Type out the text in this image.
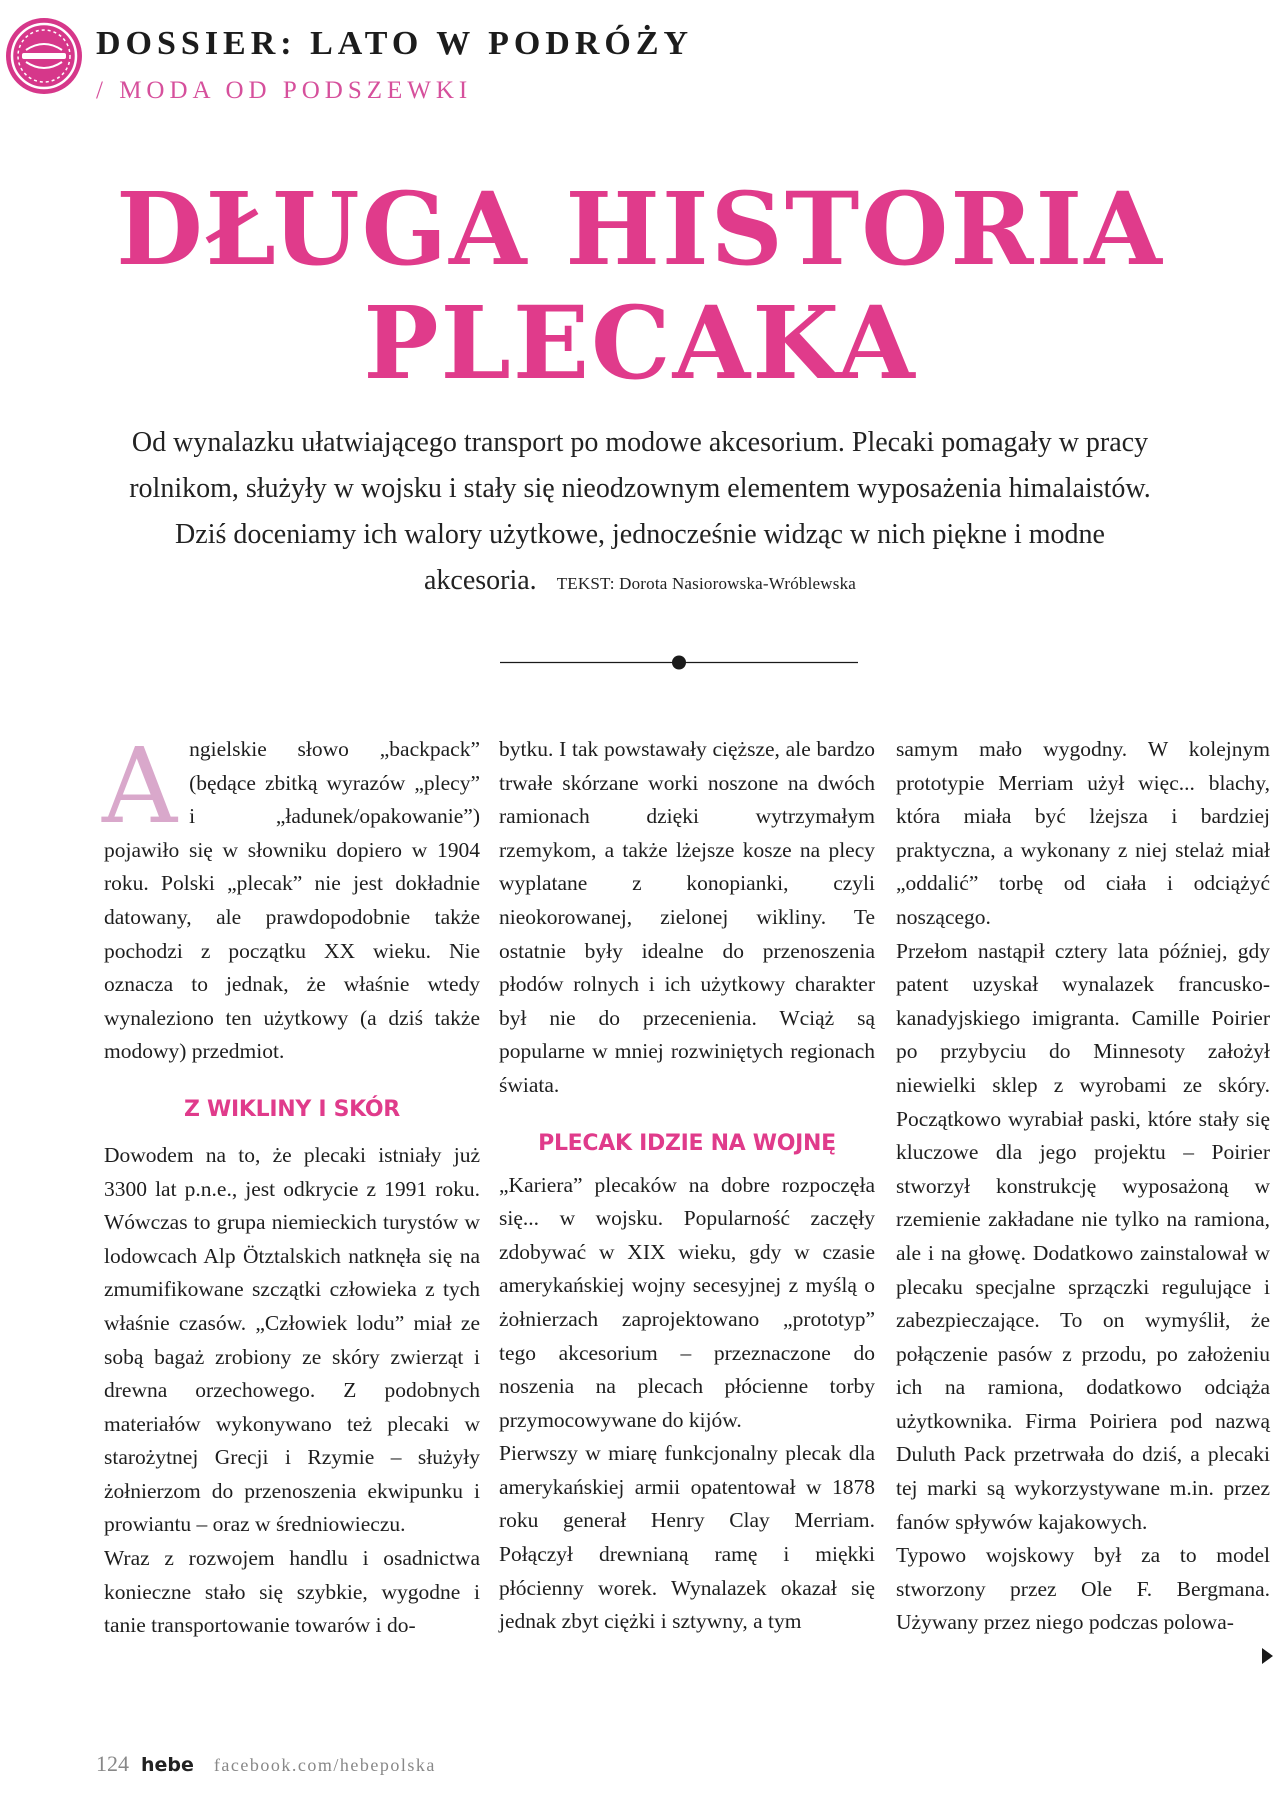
DOSSIER: LATO W PODRÓŻY
/ MODA OD PODSZEWKI
DŁUGA HISTORIA
PLECAKA
Od wynalazku ułatwiającego transport po modowe akcesorium. Plecaki pomagały w pracy rolnikom, służyły w wojsku i stały się nieodzownym elementem wyposażenia himalaistów. Dziś doceniamy ich walory użytkowe, jednocześnie widząc w nich piękne i modne akcesoria. TEKST: Dorota Nasiorowska-Wróblewska

Angielskie słowo „backpack” (będące zbitką wyrazów „plecy” i „ładunek/opakowanie”) pojawiło się w słowniku dopiero w 1904 roku. Polski „plecak” nie jest dokładnie datowany, ale prawdopodobnie także pochodzi z początku XX wieku. Nie oznacza to jednak, że właśnie wtedy wynaleziono ten użytkowy (a dziś także modowy) przedmiot.

Z WIKLINY I SKÓR

Dowodem na to, że plecaki istniały już 3300 lat p.n.e., jest odkrycie z 1991 roku. Wówczas to grupa niemieckich turystów w lodowcach Alp Ötztalskich natknęła się na zmumifikowane szczątki człowieka z tych właśnie czasów. „Człowiek lodu” miał ze sobą bagaż zrobiony ze skóry zwierząt i drewna orzechowego. Z podobnych materiałów wykonywano też plecaki w starożytnej Grecji i Rzymie – służyły żołnierzom do przenoszenia ekwipunku i prowiantu – oraz w średniowieczu.

Wraz z rozwojem handlu i osadnictwa konieczne stało się szybkie, wygodne i tanie transportowanie towarów i do-

bytku. I tak powstawały cięższe, ale bardzo trwałe skórzane worki noszone na dwóch ramionach dzięki wytrzymałym rzemykom, a także lżejsze kosze na plecy wyplatane z konopianki, czyli nieokorowanej, zielonej wikliny. Te ostatnie były idealne do przenoszenia płodów rolnych i ich użytkowy charakter był nie do przecenienia. Wciąż są popularne w mniej rozwiniętych regionach świata.

PLECAK IDZIE NA WOJNĘ

„Kariera” plecaków na dobre rozpoczęła się... w wojsku. Popularność zaczęły zdobywać w XIX wieku, gdy w czasie amerykańskiej wojny secesyjnej z myślą o żołnierzach zaprojektowano „prototyp” tego akcesorium – przeznaczone do noszenia na plecach płócienne torby przymocowywane do kijów.

Pierwszy w miarę funkcjonalny plecak dla amerykańskiej armii opatentował w 1878 roku generał Henry Clay Merriam. Połączył drewnianą ramę i miękki płócienny worek. Wynalazek okazał się jednak zbyt ciężki i sztywny, a tym

samym mało wygodny. W kolejnym prototypie Merriam użył więc... blachy, która miała być lżejsza i bardziej praktyczna, a wykonany z niej stelaż miał „oddalić” torbę od ciała i odciążyć noszącego.

Przełom nastąpił cztery lata później, gdy patent uzyskał wynalazek francusko-kanadyjskiego imigranta. Camille Poirier po przybyciu do Minnesoty założył niewielki sklep z wyrobami ze skóry. Początkowo wyrabiał paski, które stały się kluczowe dla jego projektu – Poirier stworzył konstrukcję wyposażoną w rzemienie zakładane nie tylko na ramiona, ale i na głowę. Dodatkowo zainstalował w plecaku specjalne sprzączki regulujące i zabezpieczające. To on wymyślił, że połączenie pasów z przodu, po założeniu ich na ramiona, dodatkowo odciąża użytkownika. Firma Poiriera pod nazwą Duluth Pack przetrwała do dziś, a plecaki tej marki są wykorzystywane m.in. przez fanów spływów kajakowych.

Typowo wojskowy był za to model stworzony przez Ole F. Bergmana. Używany przez niego podczas polowa-

124 hebe facebook.com/hebepolska
